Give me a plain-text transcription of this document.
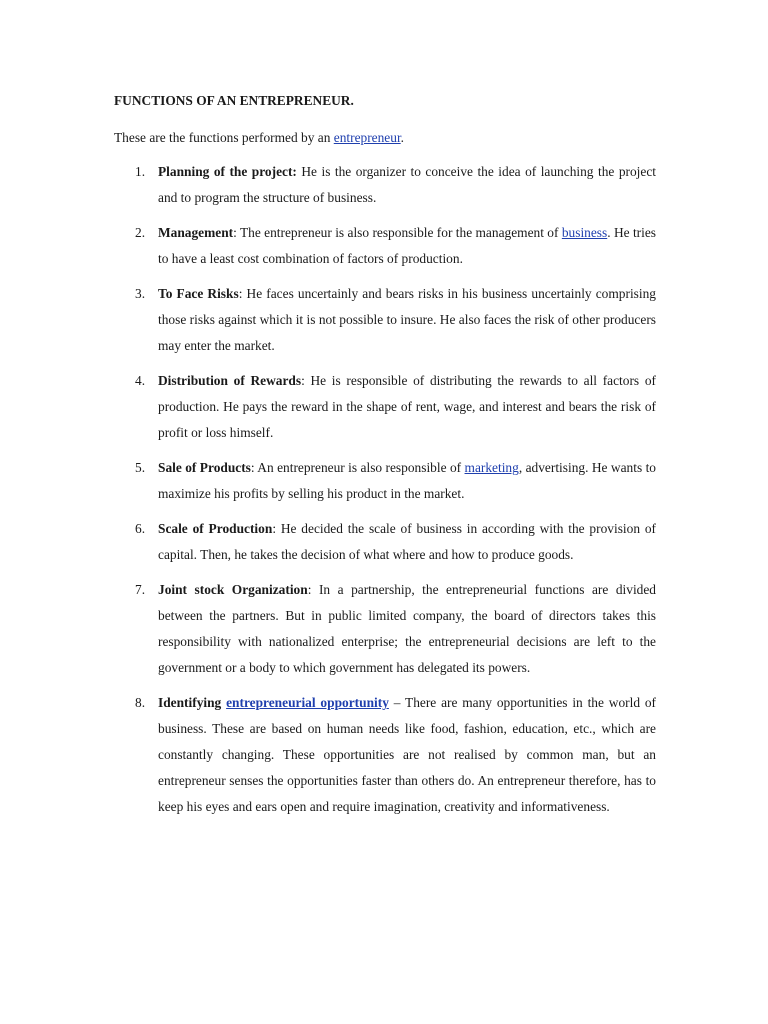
FUNCTIONS OF AN ENTREPRENEUR.

These are the functions performed by an entrepreneur.

1. Planning of the project: He is the organizer to conceive the idea of launching the project and to program the structure of business.
2. Management: The entrepreneur is also responsible for the management of business. He tries to have a least cost combination of factors of production.
3. To Face Risks: He faces uncertainly and bears risks in his business uncertainly comprising those risks against which it is not possible to insure. He also faces the risk of other producers may enter the market.
4. Distribution of Rewards: He is responsible of distributing the rewards to all factors of production. He pays the reward in the shape of rent, wage, and interest and bears the risk of profit or loss himself.
5. Sale of Products: An entrepreneur is also responsible of marketing, advertising. He wants to maximize his profits by selling his product in the market.
6. Scale of Production: He decided the scale of business in according with the provision of capital. Then, he takes the decision of what where and how to produce goods.
7. Joint stock Organization: In a partnership, the entrepreneurial functions are divided between the partners. But in public limited company, the board of directors takes this responsibility with nationalized enterprise; the entrepreneurial decisions are left to the government or a body to which government has delegated its powers.
8. Identifying entrepreneurial opportunity – There are many opportunities in the world of business. These are based on human needs like food, fashion, education, etc., which are constantly changing. These opportunities are not realised by common man, but an entrepreneur senses the opportunities faster than others do. An entrepreneur therefore, has to keep his eyes and ears open and require imagination, creativity and informativeness.
